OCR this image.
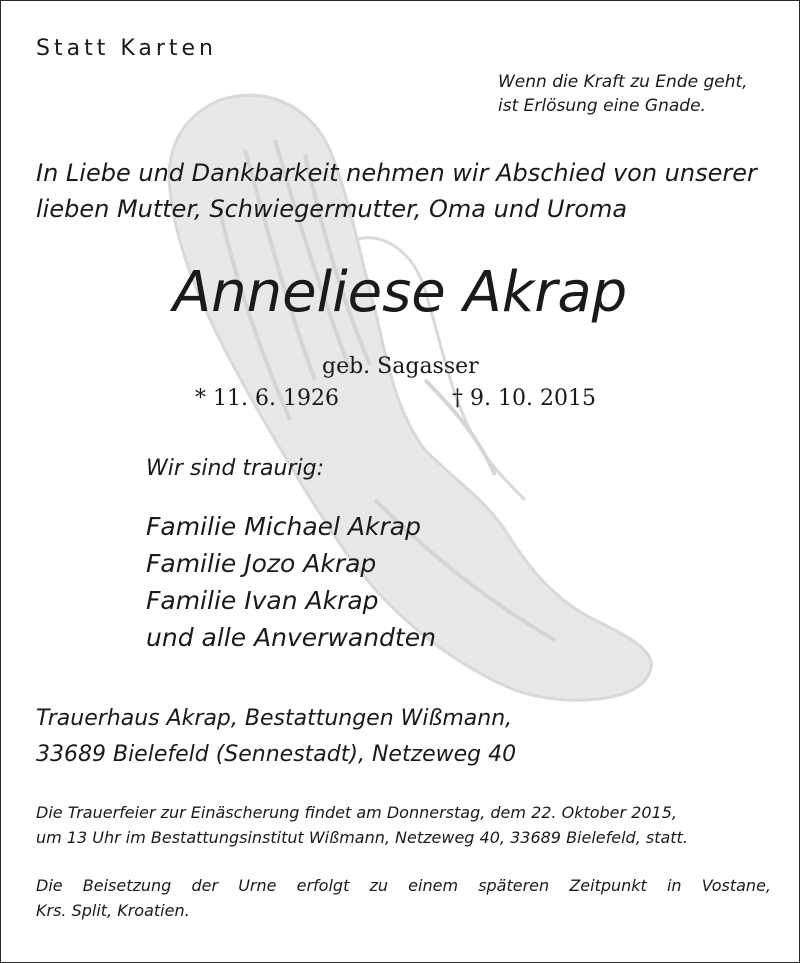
Statt Karten
Wenn die Kraft zu Ende geht,
ist Erlösung eine Gnade.
In Liebe und Dankbarkeit nehmen wir Abschied von unserer
lieben Mutter, Schwiegermutter, Oma und Uroma
Anneliese Akrap
geb. Sagasser
* 11. 6. 1926	† 9. 10. 2015
Wir sind traurig:
Familie Michael Akrap
Familie Jozo Akrap
Familie Ivan Akrap
und alle Anverwandten
Trauerhaus Akrap, Bestattungen Wißmann,
33689 Bielefeld (Sennestadt), Netzeweg 40
Die Trauerfeier zur Einäscherung findet am Donnerstag, dem 22. Oktober 2015,
um 13 Uhr im Bestattungsinstitut Wißmann, Netzeweg 40, 33689 Bielefeld, statt.
Die Beisetzung der Urne erfolgt zu einem späteren Zeitpunkt in Vostane,
Krs. Split, Kroatien.
